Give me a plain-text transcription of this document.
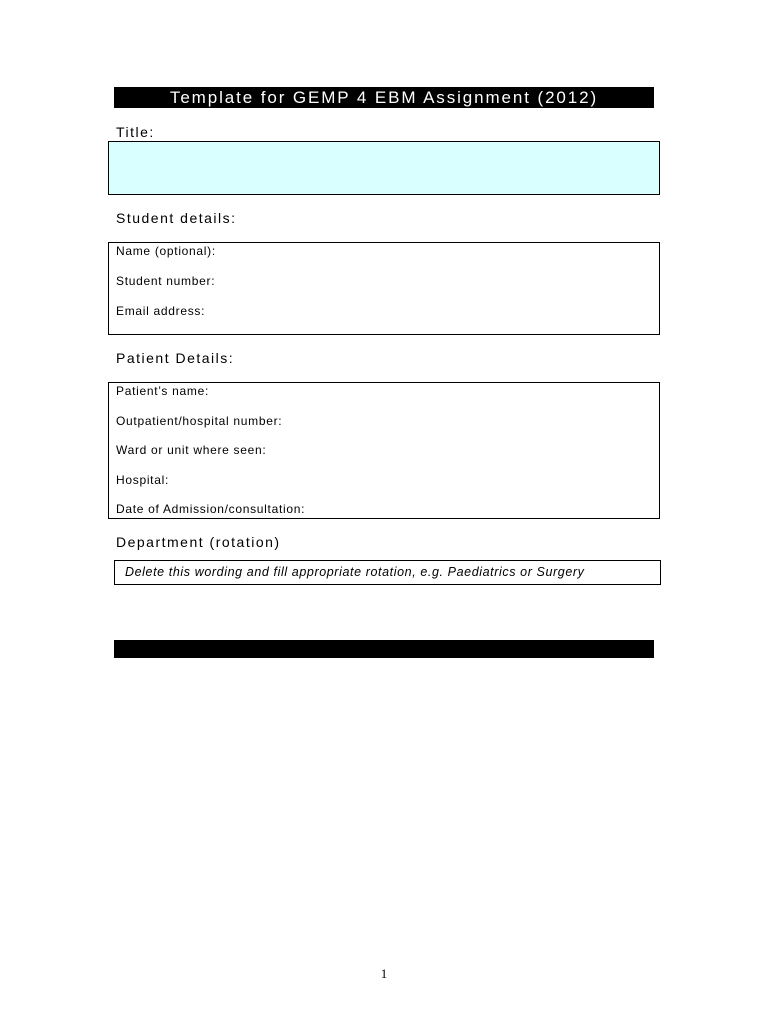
Template for GEMP 4 EBM Assignment (2012)
Title:
Student details:
Name (optional):
Student number:
Email address:
Patient Details:
Patient’s name:
Outpatient/hospital number:
Ward or unit where seen:
Hospital:
Date of Admission/consultation:
Department (rotation)
Delete this wording and fill appropriate rotation, e.g. Paediatrics or Surgery
1
